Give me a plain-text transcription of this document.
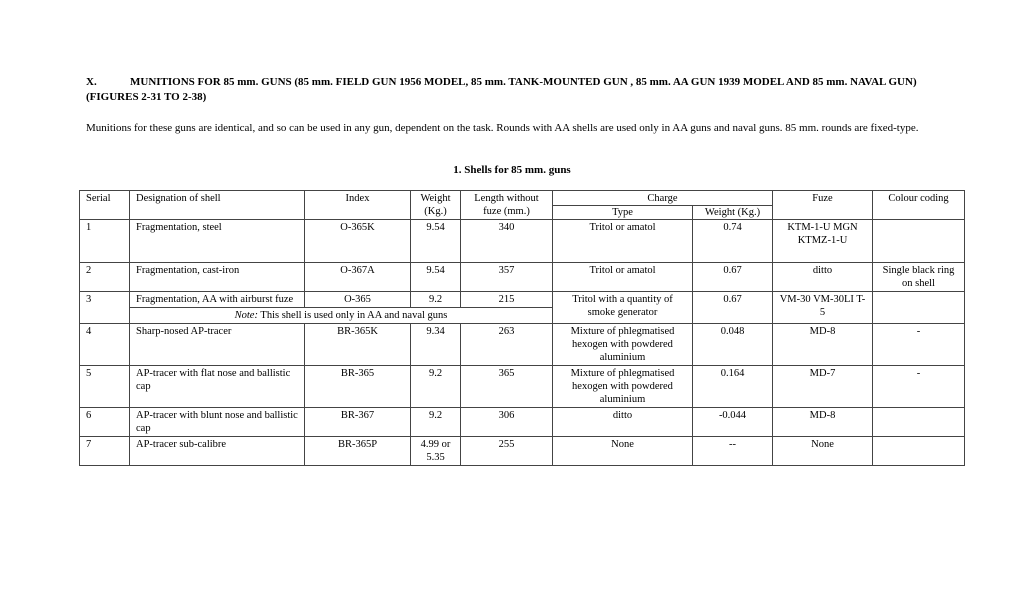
X.	MUNITIONS FOR 85 mm. GUNS (85 mm. FIELD GUN 1956 MODEL, 85 mm. TANK-MOUNTED GUN , 85 mm. AA GUN 1939 MODEL AND 85 mm. NAVAL GUN) (FIGURES 2-31 TO 2-38)
Munitions for these guns are identical, and so can be used in any gun, dependent on the task. Rounds with AA shells are used only in AA guns and naval guns. 85 mm. rounds are fixed-type.
1. Shells for 85 mm. guns
Serial	Designation of shell	Index	Weight (Kg.)	Length without fuze (mm.)	Charge		Fuze	Colour coding
					Type	Weight (Kg.)		
1	Fragmentation, steel	O-365K	9.54	340	Tritol or amatol	0.74	KTM-1-U MGN KTMZ-1-U	
2	Fragmentation, cast-iron	O-367A	9.54	357	Tritol or amatol	0.67	ditto	Single black ring on shell
3	Fragmentation, AA with airburst fuze	O-365	9.2	215	Tritol with a quantity of smoke generator	0.67	VM-30 VM-30LI T-5	
	Note: This shell is used only in AA and naval guns							
4	Sharp-nosed AP-tracer	BR-365K	9.34	263	Mixture of phlegmatised hexogen with powdered aluminium	0.048	MD-8	-
5	AP-tracer with flat nose and ballistic cap	BR-365	9.2	365	Mixture of phlegmatised hexogen with powdered aluminium	0.164	MD-7	-
6	AP-tracer with blunt nose and ballistic cap	BR-367	9.2	306	ditto	-0.044	MD-8	
7	AP-tracer sub-calibre	BR-365P	4.99 or 5.35	255	None	--	None	
